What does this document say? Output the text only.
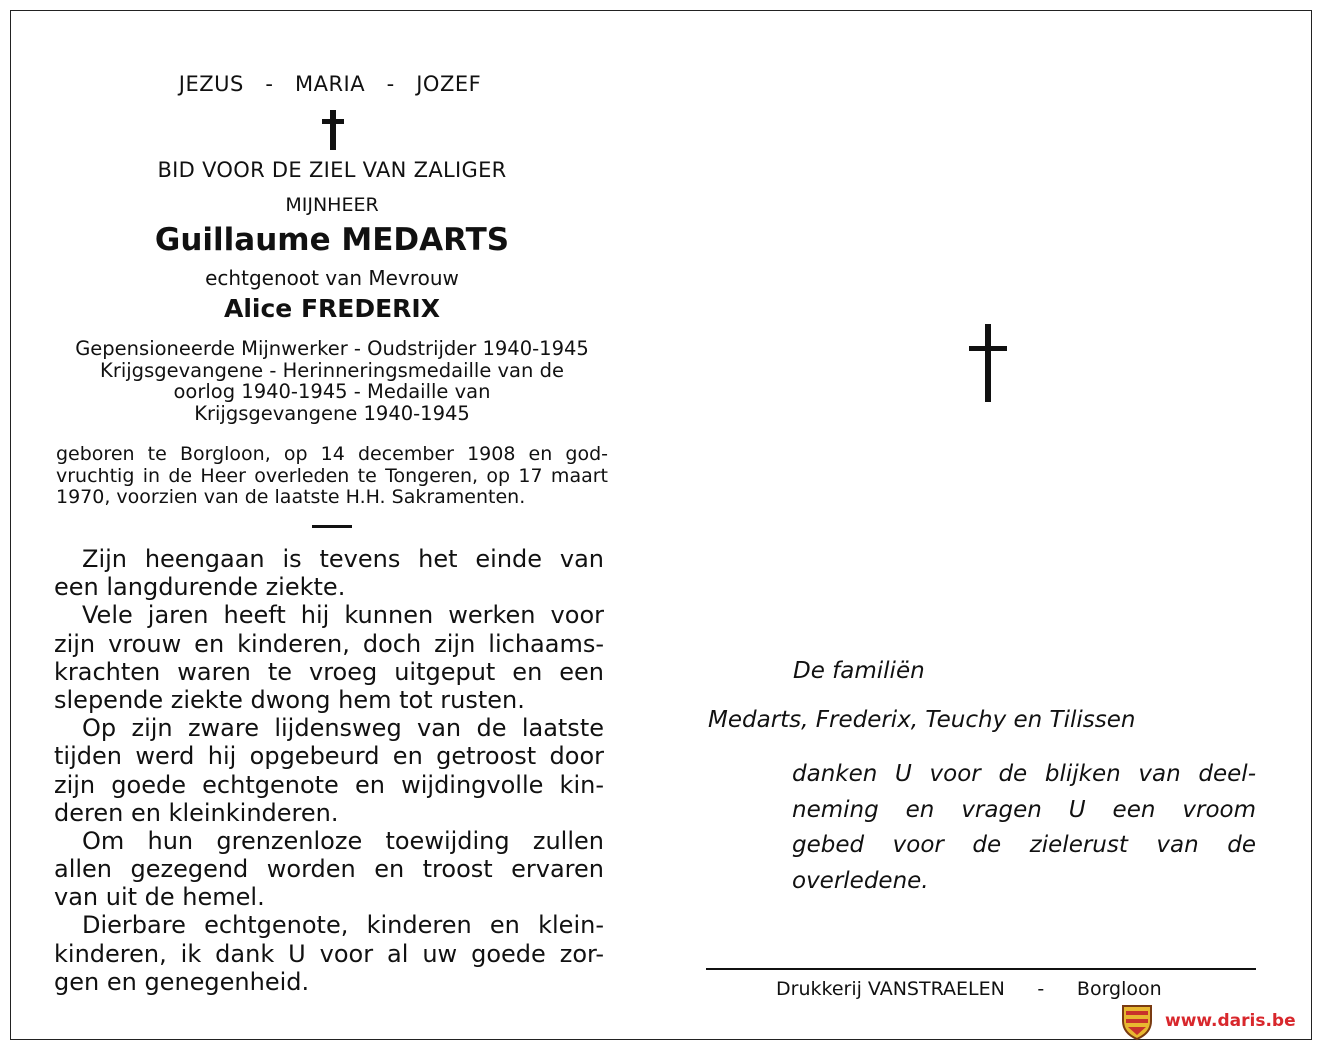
JEZUS   -   MARIA   -   JOZEF
BID VOOR DE ZIEL VAN ZALIGER
MIJNHEER
Guillaume MEDARTS
echtgenoot van Mevrouw
Alice FREDERIX
Gepensioneerde Mijnwerker - Oudstrijder 1940-1945
Krijgsgevangene - Herinneringsmedaille van de
oorlog 1940-1945 - Medaille van
Krijgsgevangene 1940-1945
geboren te Borgloon, op 14 december 1908 en god-
vruchtig in de Heer overleden te Tongeren, op 17 maart
1970, voorzien van de laatste H.H. Sakramenten.
Zijn heengaan is tevens het einde van
een langdurende ziekte.
Vele jaren heeft hij kunnen werken voor
zijn vrouw en kinderen, doch zijn lichaams-
krachten waren te vroeg uitgeput en een
slepende ziekte dwong hem tot rusten.
Op zijn zware lijdensweg van de laatste
tijden werd hij opgebeurd en getroost door
zijn goede echtgenote en wijdingvolle kin-
deren en kleinkinderen.
Om hun grenzenloze toewijding zullen
allen gezegend worden en troost ervaren
van uit de hemel.
Dierbare echtgenote, kinderen en klein-
kinderen, ik dank U voor al uw goede zor-
gen en genegenheid.
De familiën
Medarts, Frederix, Teuchy en Tilissen
danken U voor de blijken van deel-
neming en vragen U een vroom
gebed voor de zielerust van de
overledene.
Drukkerij VANSTRAELEN - Borgloon
www.daris.be
